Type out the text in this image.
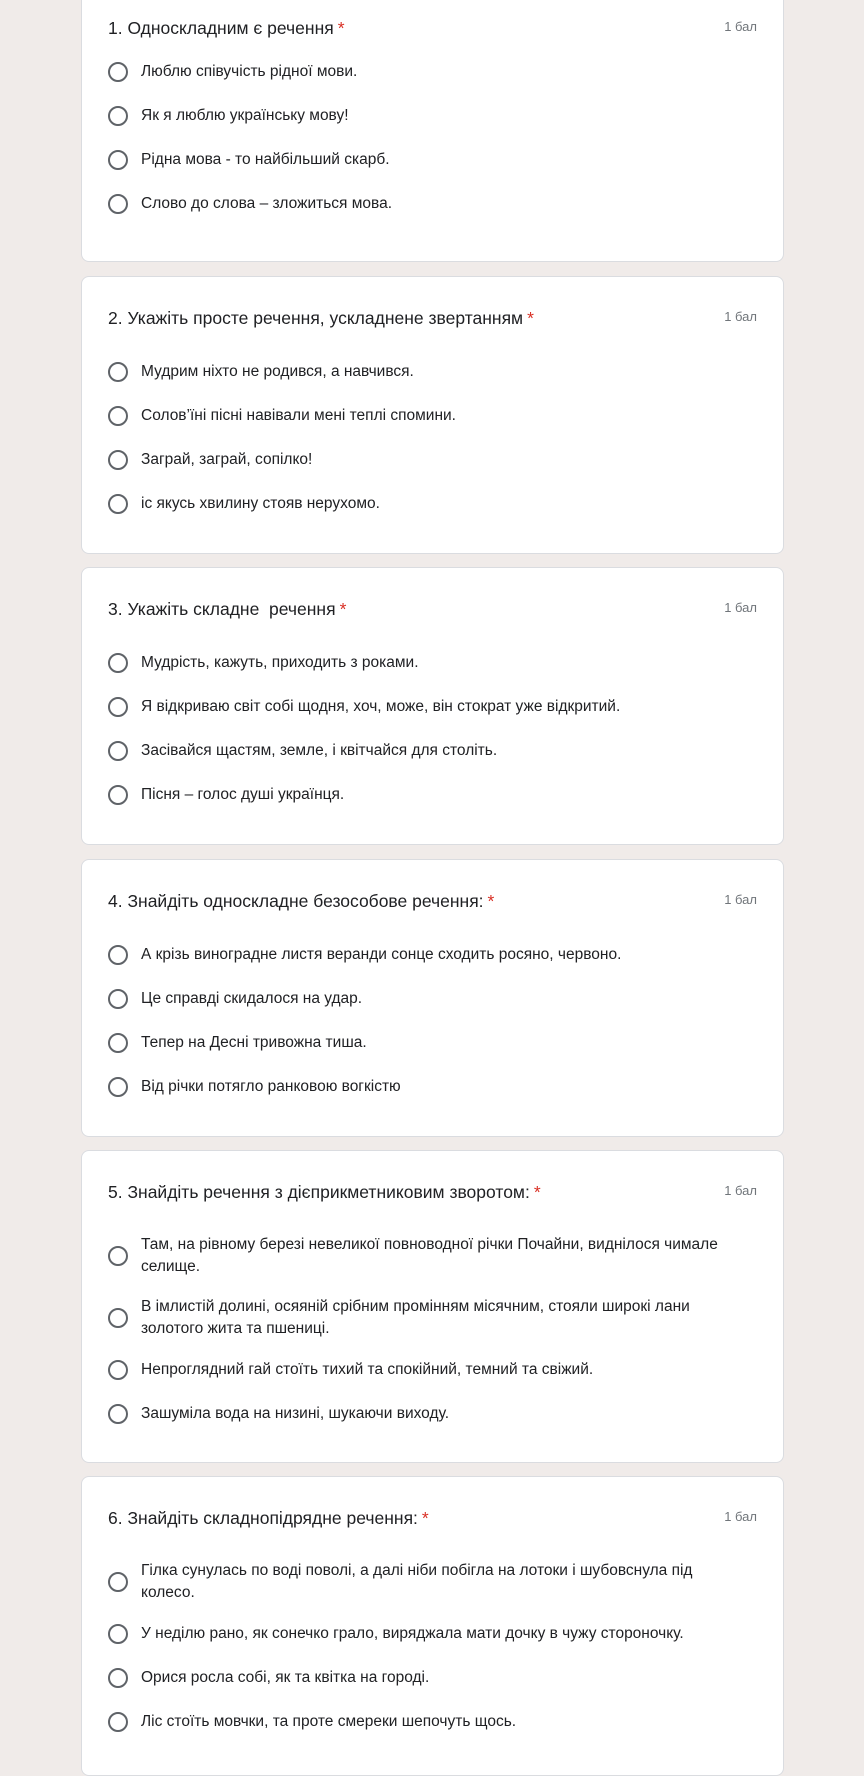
1. Односкладним є речення *	1 бал
Люблю співучість рідної мови.
Як я люблю українську мову!
Рідна мова - то найбільший скарб.
Слово до слова – зложиться мова.
2. Укажіть просте речення, ускладнене звертанням *	1 бал
Мудрим ніхто не родився, а навчився.
Солов’їні пісні навівали мені теплі спомини.
Заграй, заграй, сопілко!
іс якусь хвилину стояв нерухомо.
3. Укажіть складне  речення *	1 бал
Мудрість, кажуть, приходить з роками.
Я відкриваю світ собі щодня, хоч, може, він стократ уже відкритий.
Засівайся щастям, земле, і квітчайся для століть.
Пісня – голос душі українця.
4. Знайдіть односкладне безособове речення: *	1 бал
А крізь виноградне листя веранди сонце сходить росяно, червоно.
Це справді скидалося на удар.
Тепер на Десні тривожна тиша.
Від річки потягло ранковою вогкістю
5. Знайдіть речення з дієприкметниковим зворотом: *	1 бал
Там, на рівному березі невеликої повноводної річки Почайни, виднілося чимале селище.
В імлистій долині, осяяній срібним промінням місячним, стояли широкі лани золотого жита та пшениці.
Непроглядний гай стоїть тихий та спокійний, темний та свіжий.
Зашуміла вода на низині, шукаючи виходу.
6. Знайдіть складнопідрядне речення: *	1 бал
Гілка сунулась по воді поволі, а далі ніби побігла на лотоки і шубовснула під колесо.
У неділю рано, як сонечко грало, виряджала мати дочку в чужу стороночку.
Орися росла собі, як та квітка на городі.
Ліс стоїть мовчки, та проте смереки шепочуть щось.
